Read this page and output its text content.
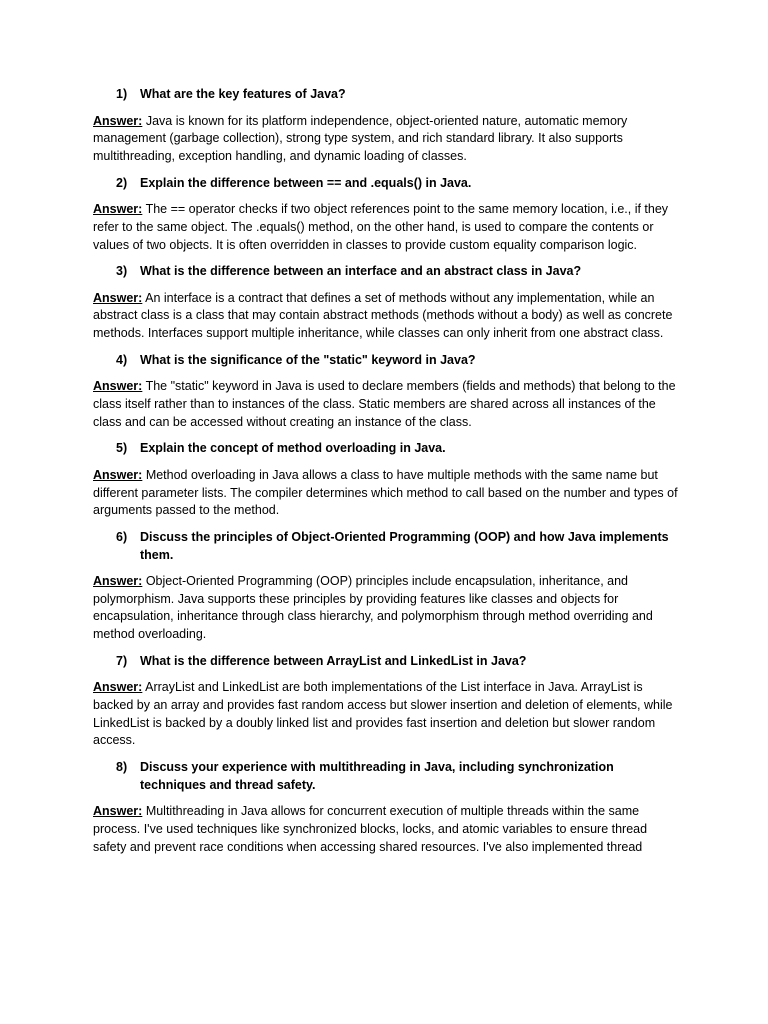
1)	What are the key features of Java?
Answer: Java is known for its platform independence, object-oriented nature, automatic memory management (garbage collection), strong type system, and rich standard library. It also supports multithreading, exception handling, and dynamic loading of classes.
2)	Explain the difference between == and .equals() in Java.
Answer: The == operator checks if two object references point to the same memory location, i.e., if they refer to the same object. The .equals() method, on the other hand, is used to compare the contents or values of two objects. It is often overridden in classes to provide custom equality comparison logic.
3)	What is the difference between an interface and an abstract class in Java?
Answer: An interface is a contract that defines a set of methods without any implementation, while an abstract class is a class that may contain abstract methods (methods without a body) as well as concrete methods. Interfaces support multiple inheritance, while classes can only inherit from one abstract class.
4)	What is the significance of the "static" keyword in Java?
Answer: The "static" keyword in Java is used to declare members (fields and methods) that belong to the class itself rather than to instances of the class. Static members are shared across all instances of the class and can be accessed without creating an instance of the class.
5)	Explain the concept of method overloading in Java.
Answer: Method overloading in Java allows a class to have multiple methods with the same name but different parameter lists. The compiler determines which method to call based on the number and types of arguments passed to the method.
6)	Discuss the principles of Object-Oriented Programming (OOP) and how Java implements them.
Answer: Object-Oriented Programming (OOP) principles include encapsulation, inheritance, and polymorphism. Java supports these principles by providing features like classes and objects for encapsulation, inheritance through class hierarchy, and polymorphism through method overriding and method overloading.
7)	What is the difference between ArrayList and LinkedList in Java?
Answer: ArrayList and LinkedList are both implementations of the List interface in Java. ArrayList is backed by an array and provides fast random access but slower insertion and deletion of elements, while LinkedList is backed by a doubly linked list and provides fast insertion and deletion but slower random access.
8)	Discuss your experience with multithreading in Java, including synchronization techniques and thread safety.
Answer: Multithreading in Java allows for concurrent execution of multiple threads within the same process. I've used techniques like synchronized blocks, locks, and atomic variables to ensure thread safety and prevent race conditions when accessing shared resources. I've also implemented thread
